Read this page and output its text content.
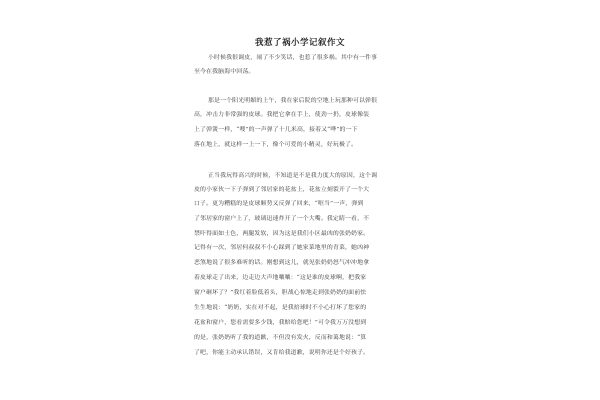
我惹了祸小学记叙作文
小时候我很调皮，闹了不少笑话，也惹了很多祸。其中有一件事
至今在我脑海中回荡。
那是一个阳光明媚的上午，我在家后院的空地上玩那种可以弹很
高，冲击力非常强的皮球。我把它拿在手上，使劲一扔，皮球像装
上了弹簧一样，“嗖”的一声弹了十几米高，接着又“哗”的一下
落在地上，就这样一上一下，像个可爱的小精灵，好玩极了。
正当我玩得高兴的时候，不知道是不是我力度大的原因，这个调
皮的小家伙一下子弹到了邻居家的花盆上，花盆立刻裂开了一个大
口子。更为糟糕的是皮球顺势又反弹了回来，“哐当”一声，弹到
了邻居家的窗户上了，玻璃迅速炸开了一个大嘴。我定睛一看，不
禁吓得面如土色，两腿发软，因为这是我们小区最凶的张奶奶家。
记得有一次，邻居何叔叔不小心踩到了她家菜地里的青菜，她凶神
恶煞地说了很多难听的话。刚想到这儿，就见张奶奶怒气冲冲地拿
着皮球走了出来，边走边大声地嚷嚷：“这是谁的皮球啊，把我家
窗户砸坏了？”我红着脸低着头，胆战心惊地走到张奶奶的面前怯
生生地说：“奶奶，实在对不起，是我掊球时不小心打坏了您家的
花盆和窗户，您看需要多少钱，我赔给您吧！”可令我万万没想到
的是，张奶奶听了我的道歉，不但没有发火，反而和蔼地说：“算
了吧，你能主动承认错误，又肯给我道歉，说明你还是个好孩子。
